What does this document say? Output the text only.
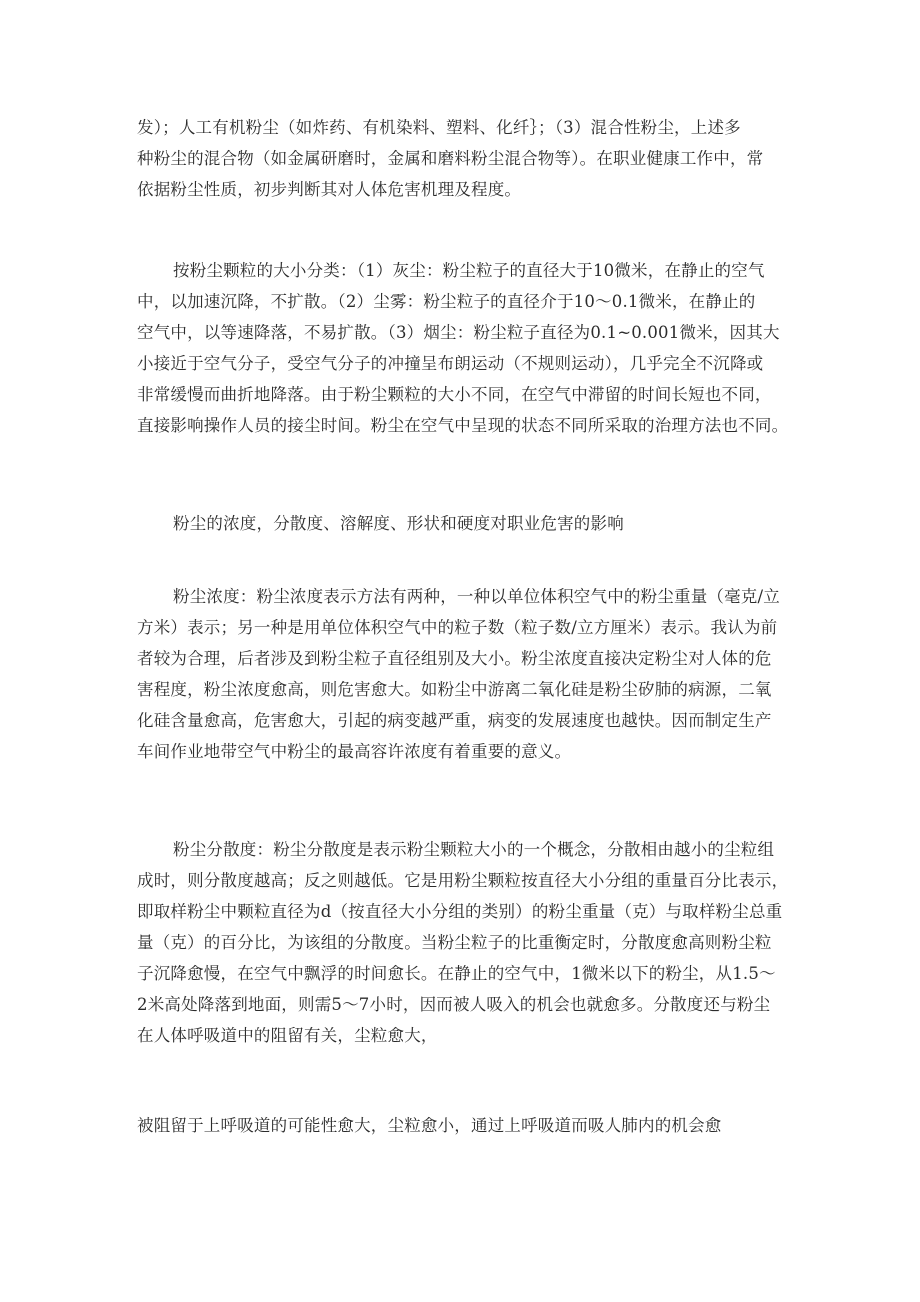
发）；人工有机粉尘（如炸药、有机染料、塑料、化纤｝；（3）混合性粉尘，上述多
种粉尘的混合物（如金属研磨时，金属和磨料粉尘混合物等）。在职业健康工作中，常
依据粉尘性质，初步判断其对人体危害机理及程度。
按粉尘颗粒的大小分类：（1）灰尘：粉尘粒子的直径大于10微米，在静止的空气
中，以加速沉降，不扩散。（2）尘雾：粉尘粒子的直径介于10～0.1微米，在静止的
空气中，以等速降落，不易扩散。（3）烟尘：粉尘粒子直径为0.1~0.001微米，因其大
小接近于空气分子，受空气分子的冲撞呈布朗运动（不规则运动），几乎完全不沉降或
非常缓慢而曲折地降落。由于粉尘颗粒的大小不同，在空气中滞留的时间长短也不同，
直接影响操作人员的接尘时间。粉尘在空气中呈现的状态不同所采取的治理方法也不同。
粉尘的浓度，分散度、溶解度、形状和硬度对职业危害的影响
粉尘浓度：粉尘浓度表示方法有两种，一种以单位体积空气中的粉尘重量（毫克/立
方米）表示；另一种是用单位体积空气中的粒子数（粒子数/立方厘米）表示。我认为前
者较为合理，后者涉及到粉尘粒子直径组别及大小。粉尘浓度直接决定粉尘对人体的危
害程度，粉尘浓度愈高，则危害愈大。如粉尘中游离二氧化硅是粉尘矽肺的病源，二氧
化硅含量愈高，危害愈大，引起的病变越严重，病变的发展速度也越快。因而制定生产
车间作业地带空气中粉尘的最高容许浓度有着重要的意义。
粉尘分散度：粉尘分散度是表示粉尘颗粒大小的一个概念，分散相由越小的尘粒组
成时，则分散度越高；反之则越低。它是用粉尘颗粒按直径大小分组的重量百分比表示，
即取样粉尘中颗粒直径为d（按直径大小分组的类别）的粉尘重量（克）与取样粉尘总重
量（克）的百分比，为该组的分散度。当粉尘粒子的比重衡定时，分散度愈高则粉尘粒
子沉降愈慢，在空气中飘浮的时间愈长。在静止的空气中，1微米以下的粉尘，从1.5～
2米高处降落到地面，则需5～7小时，因而被人吸入的机会也就愈多。分散度还与粉尘
在人体呼吸道中的阻留有关，尘粒愈大，
被阻留于上呼吸道的可能性愈大，尘粒愈小，通过上呼吸道而吸人肺内的机会愈
